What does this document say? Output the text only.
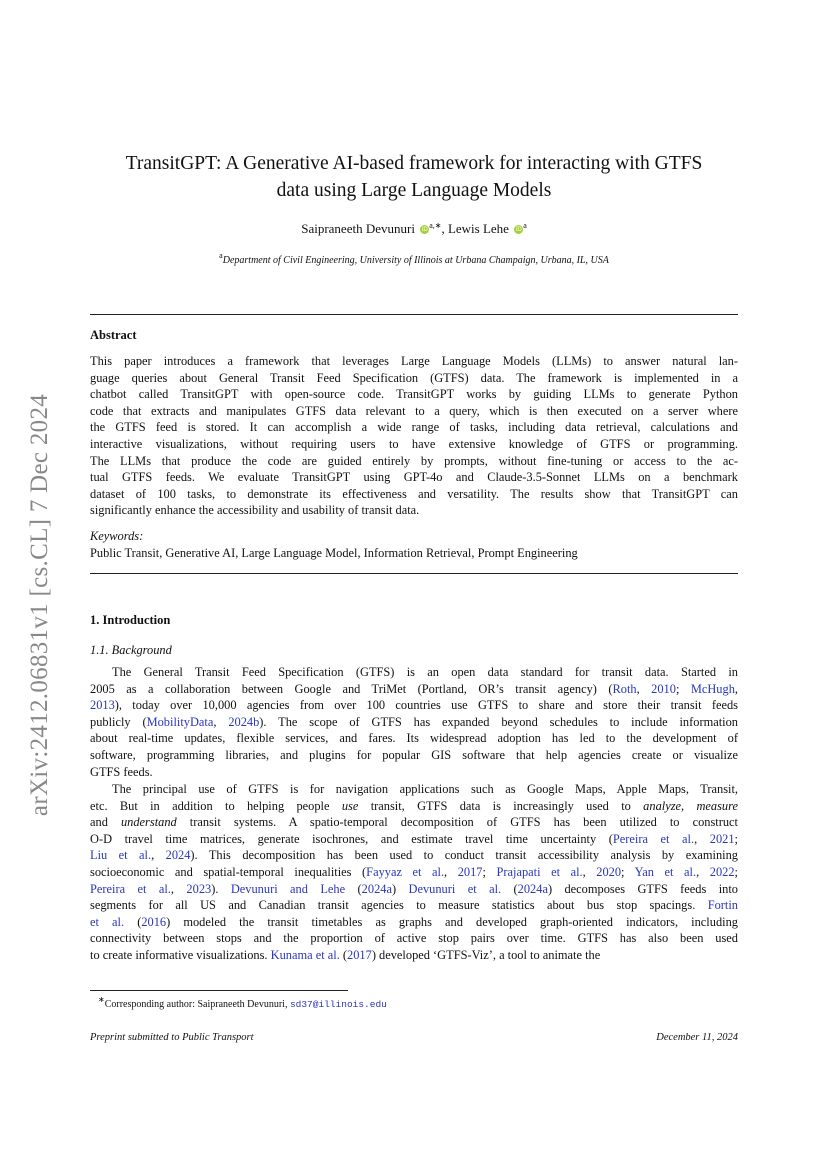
arXiv:2412.06831v1 [cs.CL] 7 Dec 2024
TransitGPT: A Generative AI-based framework for interacting with GTFS
data using Large Language Models
Saipraneeth Devunuri $iD^{a,∗}$, Lewis Lehe $iD^a$
$^a$Department of Civil Engineering, University of Illinois at Urbana Champaign, Urbana, IL, USA
Abstract
This paper introduces a framework that leverages Large Language Models (LLMs) to answer natural lan-
guage queries about General Transit Feed Specification (GTFS) data. The framework is implemented in a
chatbot called TransitGPT with open-source code. TransitGPT works by guiding LLMs to generate Python
code that extracts and manipulates GTFS data relevant to a query, which is then executed on a server where
the GTFS feed is stored. It can accomplish a wide range of tasks, including data retrieval, calculations and
interactive visualizations, without requiring users to have extensive knowledge of GTFS or programming.
The LLMs that produce the code are guided entirely by prompts, without fine-tuning or access to the ac-
tual GTFS feeds. We evaluate TransitGPT using GPT-4o and Claude-3.5-Sonnet LLMs on a benchmark
dataset of 100 tasks, to demonstrate its effectiveness and versatility. The results show that TransitGPT can
significantly enhance the accessibility and usability of transit data.
Keywords:
Public Transit, Generative AI, Large Language Model, Information Retrieval, Prompt Engineering
1. Introduction
1.1. Background
The General Transit Feed Specification (GTFS) is an open data standard for transit data. Started in
2005 as a collaboration between Google and TriMet (Portland, OR’s transit agency) (Roth, 2010; McHugh,
2013), today over 10,000 agencies from over 100 countries use GTFS to share and store their transit feeds
publicly (MobilityData, 2024b). The scope of GTFS has expanded beyond schedules to include information
about real-time updates, flexible services, and fares. Its widespread adoption has led to the development of
software, programming libraries, and plugins for popular GIS software that help agencies create or visualize
GTFS feeds.
The principal use of GTFS is for navigation applications such as Google Maps, Apple Maps, Transit,
etc. But in addition to helping people use transit, GTFS data is increasingly used to analyze, measure
and understand transit systems. A spatio-temporal decomposition of GTFS has been utilized to construct
O-D travel time matrices, generate isochrones, and estimate travel time uncertainty (Pereira et al., 2021;
Liu et al., 2024). This decomposition has been used to conduct transit accessibility analysis by examining
socioeconomic and spatial-temporal inequalities (Fayyaz et al., 2017; Prajapati et al., 2020; Yan et al., 2022;
Pereira et al., 2023). Devunuri and Lehe (2024a) Devunuri et al. (2024a) decomposes GTFS feeds into
segments for all US and Canadian transit agencies to measure statistics about bus stop spacings. Fortin
et al. (2016) modeled the transit timetables as graphs and developed graph-oriented indicators, including
connectivity between stops and the proportion of active stop pairs over time. GTFS has also been used
to create informative visualizations. Kunama et al. (2017) developed ‘GTFS-Viz’, a tool to animate the
∗Corresponding author: Saipraneeth Devunuri, sd37@illinois.edu
Preprint submitted to Public Transport	December 11, 2024
